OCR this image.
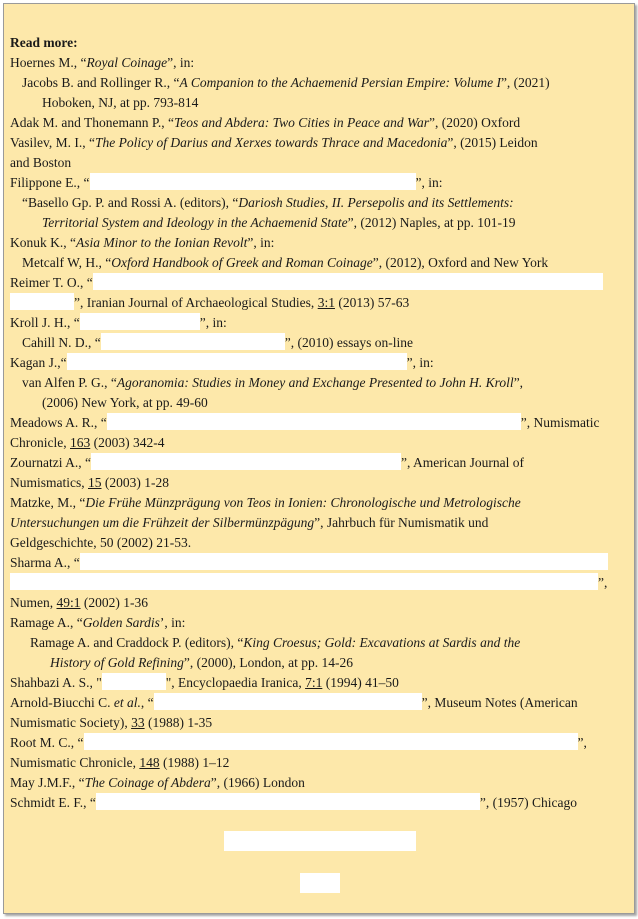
Read more:
Hoernes M., “Royal Coinage”, in:
Jacobs B. and Rollinger R., “A Companion to the Achaemenid Persian Empire: Volume I”, (2021)
Hoboken, NJ, at pp. 793-814
Adak M. and Thonemann P., “Teos and Abdera: Two Cities in Peace and War”, (2020) Oxford
Vasilev, M. I., “The Policy of Darius and Xerxes towards Thrace and Macedonia”, (2015) Leidon
and Boston
Filippone E., “	”, in:
“Basello Gp. P. and Rossi A. (editors), “Dariosh Studies, II. Persepolis and its Settlements:
Territorial System and Ideology in the Achaemenid State”, (2012) Naples, at pp. 101-19
Konuk K., “Asia Minor to the Ionian Revolt”, in:
Metcalf W, H., “Oxford Handbook of Greek and Roman Coinage”, (2012), Oxford and New York
Reimer T. O., “
”, Iranian Journal of Archaeological Studies, 3:1 (2013) 57-63
Kroll J. H., “	”, in:
Cahill N. D., “	”, (2010) essays on-line
Kagan J.,“	”, in:
van Alfen P. G., “Agoranomia: Studies in Money and Exchange Presented to John H. Kroll”,
(2006) New York, at pp. 49-60
Meadows A. R., “	”, Numismatic
Chronicle, 163 (2003) 342-4
Zournatzi A., “	”, American Journal of
Numismatics, 15 (2003) 1-28
Matzke, M., “Die Frühe Münzprägung von Teos in Ionien: Chronologische und Metrologische
Untersuchungen um die Frühzeit der Silbermünzpägung”, Jahrbuch für Numismatik und
Geldgeschichte, 50 (2002) 21-53.
Sharma A., “
”,
Numen, 49:1 (2002) 1-36
Ramage A., “Golden Sardis’, in:
Ramage A. and Craddock P. (editors), “King Croesus; Gold: Excavations at Sardis and the
History of Gold Refining”, (2000), London, at pp. 14-26
Shahbazi A. S., "	", Encyclopaedia Iranica, 7:1 (1994) 41–50
Arnold-Biucchi C. et al., “	”, Museum Notes (American
Numismatic Society), 33 (1988) 1-35
Root M. C., “	”,
Numismatic Chronicle, 148 (1988) 1–12
May J.M.F., “The Coinage of Abdera”, (1966) London
Schmidt E. F., “	”, (1957) Chicago
